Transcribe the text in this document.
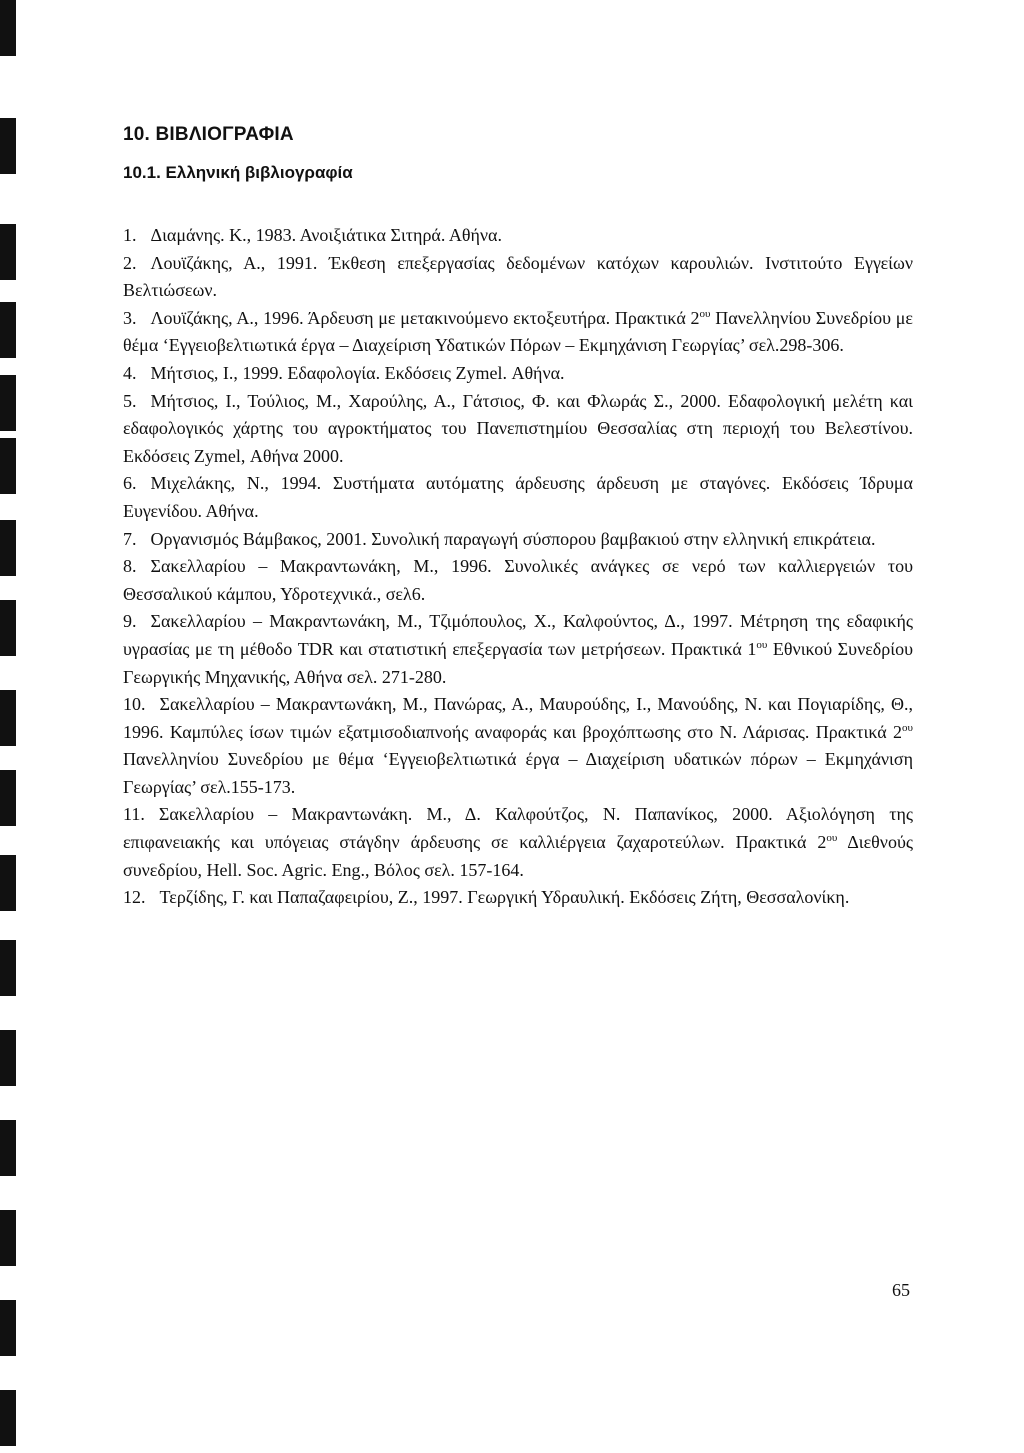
10. ΒΙΒΛΙΟΓΡΑΦΙΑ
10.1. Ελληνική βιβλιογραφία
1. Διαμάνης. Κ., 1983. Ανοιξιάτικα Σιτηρά. Αθήνα.
2. Λουϊζάκης, Α., 1991. Έκθεση επεξεργασίας δεδομένων κατόχων καρουλιών. Ινστιτούτο Εγγείων Βελτιώσεων.
3. Λουϊζάκης, Α., 1996. Άρδευση με μετακινούμενο εκτοξευτήρα. Πρακτικά $2^{o\upsilon}$ Πανελληνίου Συνεδρίου με θέμα ‘Εγγειοβελτιωτικά έργα – Διαχείριση Υδατικών Πόρων – Εκμηχάνιση Γεωργίας’ σελ.298-306.
4. Μήτσιος, Ι., 1999. Εδαφολογία. Εκδόσεις Zymel. Αθήνα.
5. Μήτσιος, Ι., Τούλιος, Μ., Χαρούλης, Α., Γάτσιος, Φ. και Φλωράς Σ., 2000. Εδαφολογική μελέτη και εδαφολογικός χάρτης του αγροκτήματος του Πανεπιστημίου Θεσσαλίας στη περιοχή του Βελεστίνου. Εκδόσεις Zymel, Αθήνα 2000.
6. Μιχελάκης, Ν., 1994. Συστήματα αυτόματης άρδευσης άρδευση με σταγόνες. Εκδόσεις Ίδρυμα Ευγενίδου. Αθήνα.
7. Οργανισμός Βάμβακος, 2001. Συνολική παραγωγή σύσπορου βαμβακιού στην ελληνική επικράτεια.
8. Σακελλαρίου – Μακραντωνάκη, Μ., 1996. Συνολικές ανάγκες σε νερό των καλλιεργειών του Θεσσαλικού κάμπου, Υδροτεχνικά., σελ6.
9. Σακελλαρίου – Μακραντωνάκη, Μ., Τζιμόπουλος, Χ., Καλφούντος, Δ., 1997. Μέτρηση της εδαφικής υγρασίας με τη μέθοδο TDR και στατιστική επεξεργασία των μετρήσεων. Πρακτικά $1^{o\upsilon}$ Εθνικού Συνεδρίου Γεωργικής Μηχανικής, Αθήνα σελ. 271-280.
10. Σακελλαρίου – Μακραντωνάκη, Μ., Πανώρας, Α., Μαυρούδης, Ι., Μανούδης, Ν. και Πογιαρίδης, Θ., 1996. Καμπύλες ίσων τιμών εξατμισοδιαπνοής αναφοράς και βροχόπτωσης στο Ν. Λάρισας. Πρακτικά $2^{o\upsilon}$ Πανελληνίου Συνεδρίου με θέμα ‘Εγγειοβελτιωτικά έργα – Διαχείριση υδατικών πόρων – Εκμηχάνιση Γεωργίας’ σελ.155-173.
11. Σακελλαρίου – Μακραντωνάκη. Μ., Δ. Καλφούτζος, Ν. Παπανίκος, 2000. Αξιολόγηση της επιφανειακής και υπόγειας στάγδην άρδευσης σε καλλιέργεια ζαχαροτεύλων. Πρακτικά $2^{o\upsilon}$ Διεθνούς συνεδρίου, Hell. Soc. Agric. Eng., Βόλος σελ. 157-164.
12. Τερζίδης, Γ. και Παπαζαφειρίου, Ζ., 1997. Γεωργική Υδραυλική. Εκδόσεις Ζήτη, Θεσσαλονίκη.
65
